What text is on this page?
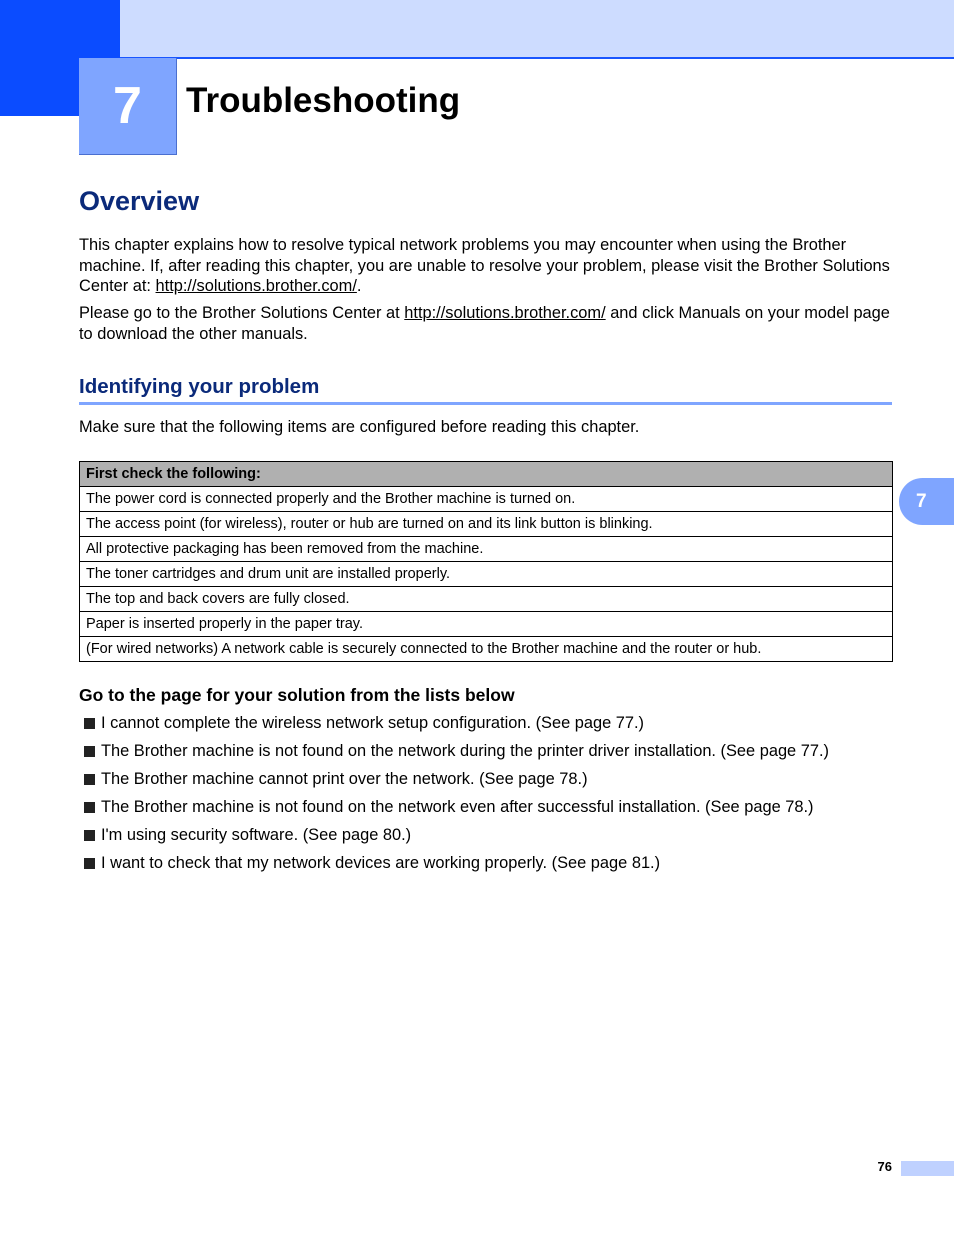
7	Troubleshooting
Overview

This chapter explains how to resolve typical network problems you may encounter when using the Brother machine. If, after reading this chapter, you are unable to resolve your problem, please visit the Brother Solutions Center at: http://solutions.brother.com/.

Please go to the Brother Solutions Center at http://solutions.brother.com/ and click Manuals on your model page to download the other manuals.

Identifying your problem

Make sure that the following items are configured before reading this chapter.

First check the following:
The power cord is connected properly and the Brother machine is turned on.
The access point (for wireless), router or hub are turned on and its link button is blinking.
All protective packaging has been removed from the machine.
The toner cartridges and drum unit are installed properly.
The top and back covers are fully closed.
Paper is inserted properly in the paper tray.
(For wired networks) A network cable is securely connected to the Brother machine and the router or hub.
Go to the page for your solution from the lists below
I cannot complete the wireless network setup configuration. (See page 77.)
The Brother machine is not found on the network during the printer driver installation. (See page 77.)
The Brother machine cannot print over the network. (See page 78.)
The Brother machine is not found on the network even after successful installation. (See page 78.)
I'm using security software. (See page 80.)
I want to check that my network devices are working properly. (See page 81.)
7
76
